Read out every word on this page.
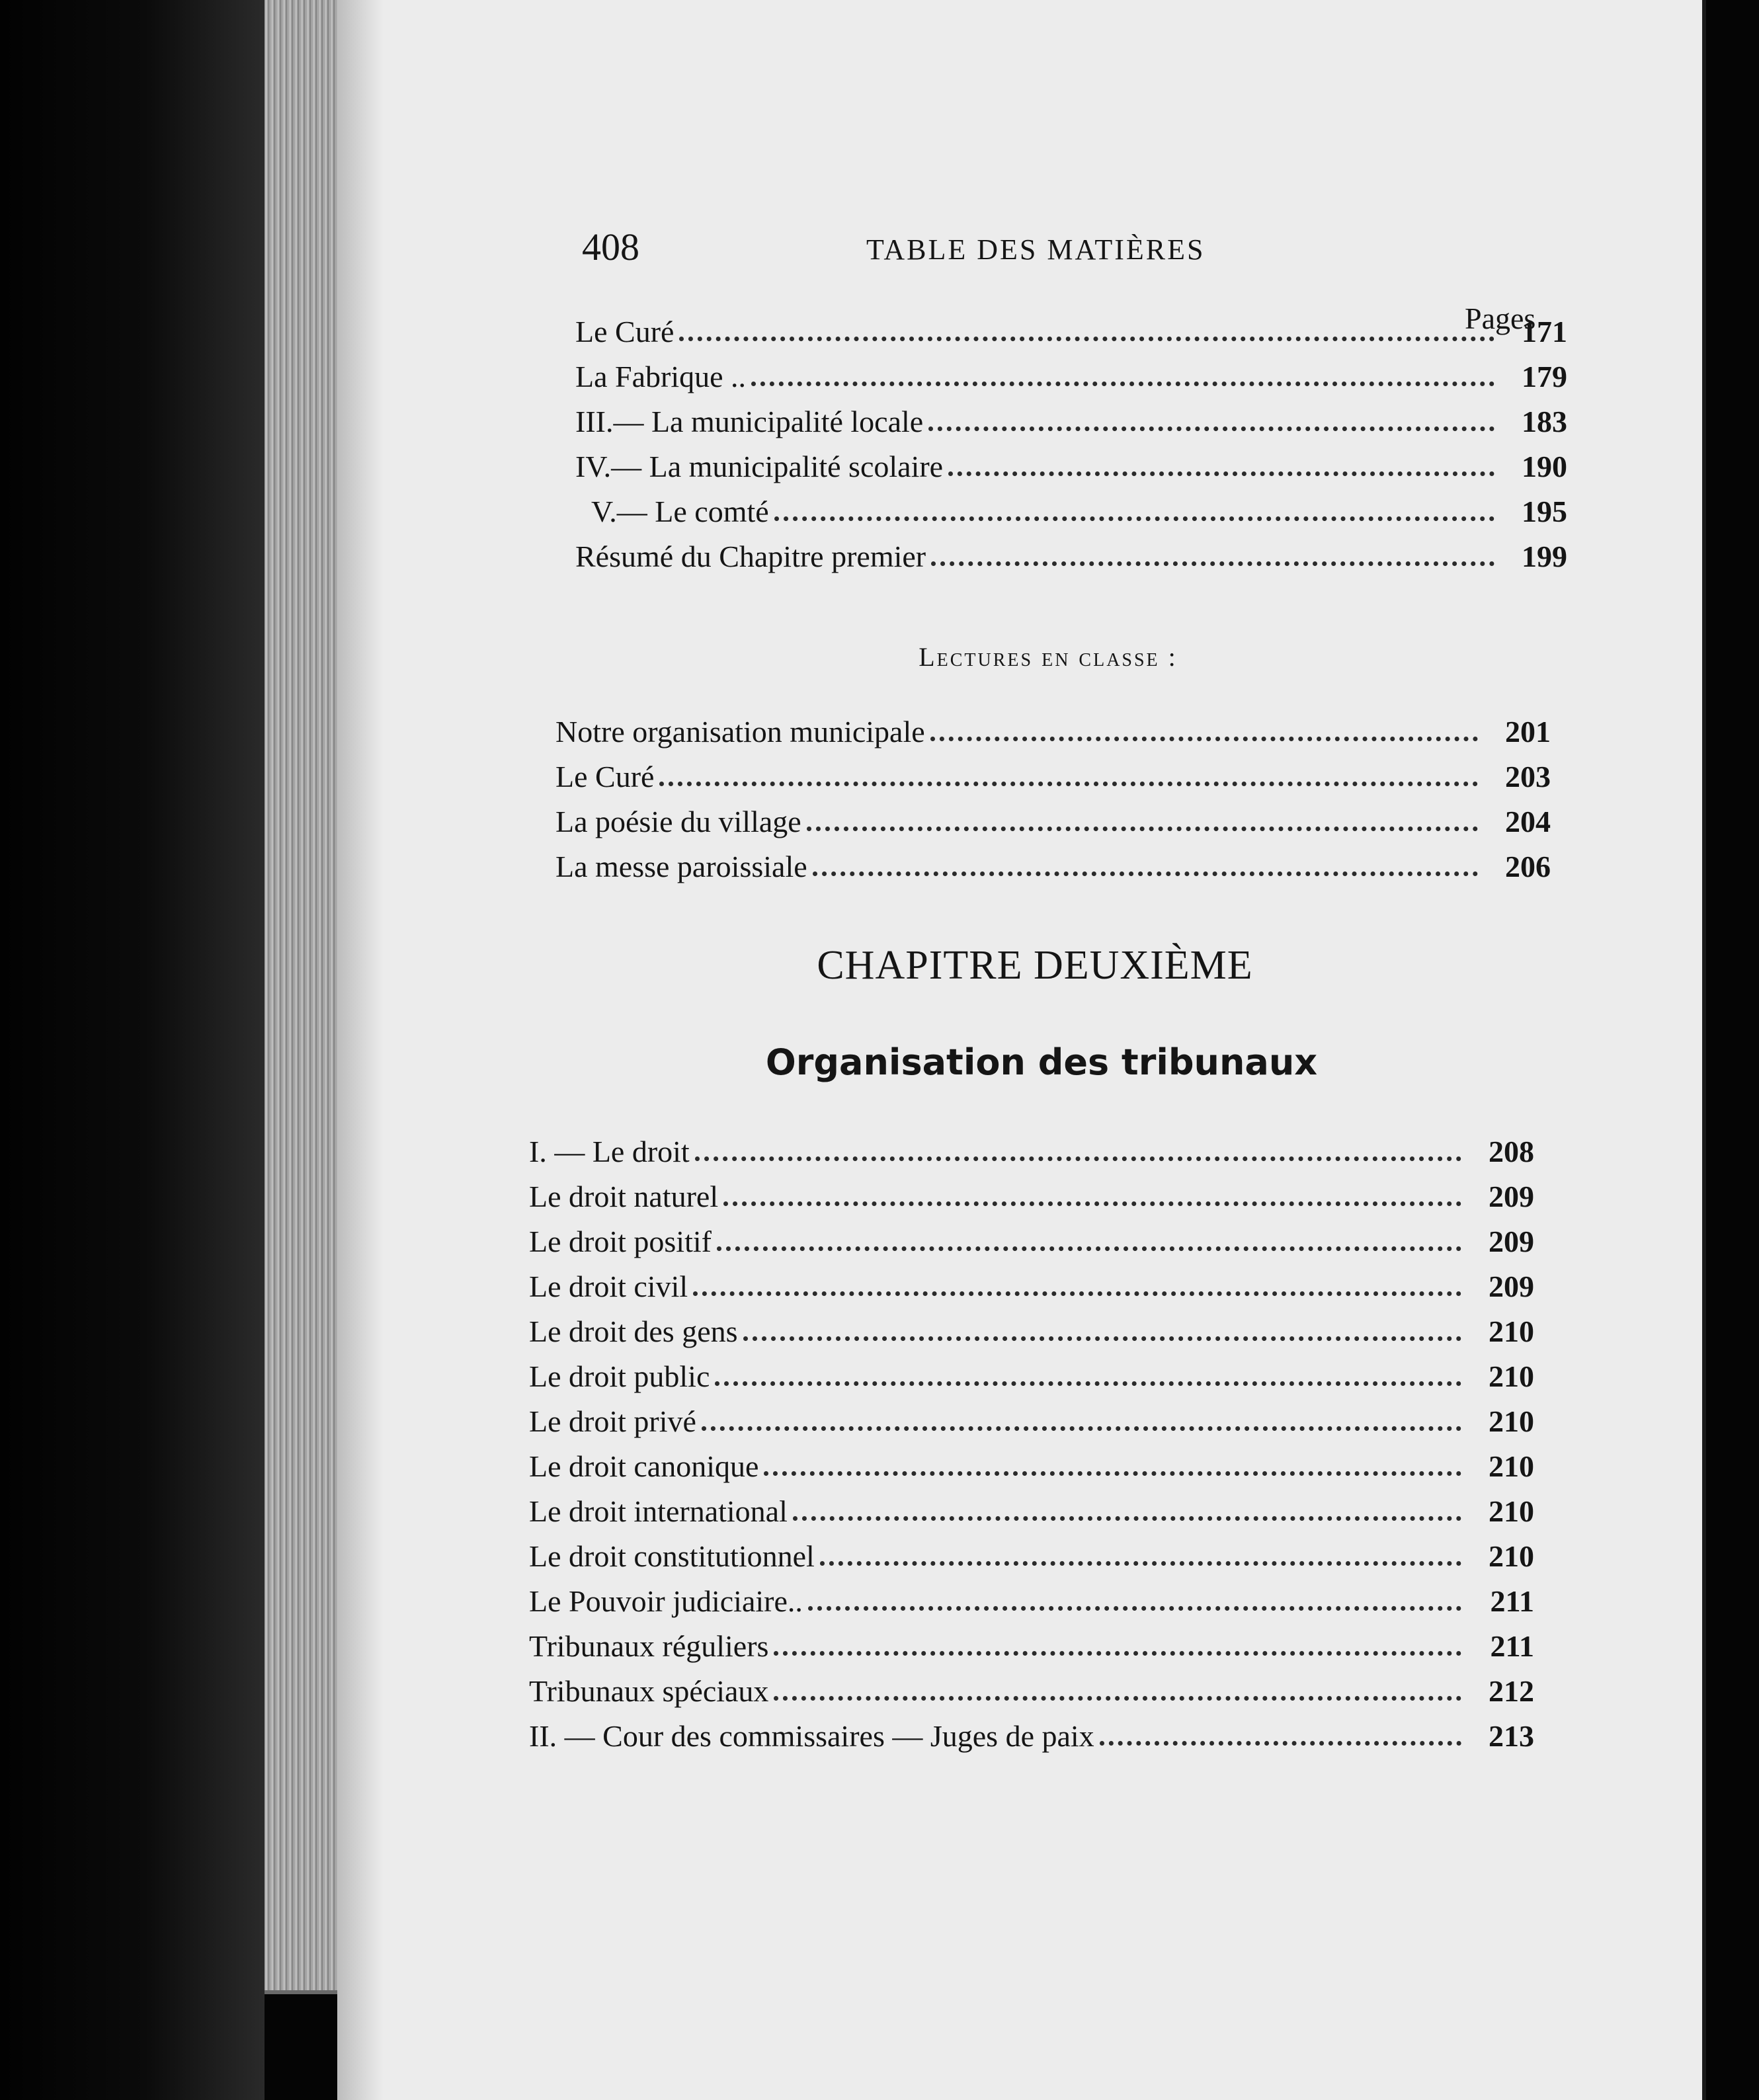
408	TABLE DES MATIÈRES
Pages
Le Curé	171
La Fabrique ..	179
III.— La municipalité locale	183
IV.— La municipalité scolaire	190
V.— Le comté	195
Résumé du Chapitre premier	199
Lectures en classe :
Notre organisation municipale	201
Le Curé	203
La poésie du village	204
La messe paroissiale	206
CHAPITRE DEUXIÈME
Organisation des tribunaux
I. — Le droit	208
Le droit naturel	209
Le droit positif	209
Le droit civil	209
Le droit des gens	210
Le droit public	210
Le droit privé	210
Le droit canonique	210
Le droit international	210
Le droit constitutionnel	210
Le Pouvoir judiciaire..	211
Tribunaux réguliers	211
Tribunaux spéciaux	212
II. — Cour des commissaires — Juges de paix	213
